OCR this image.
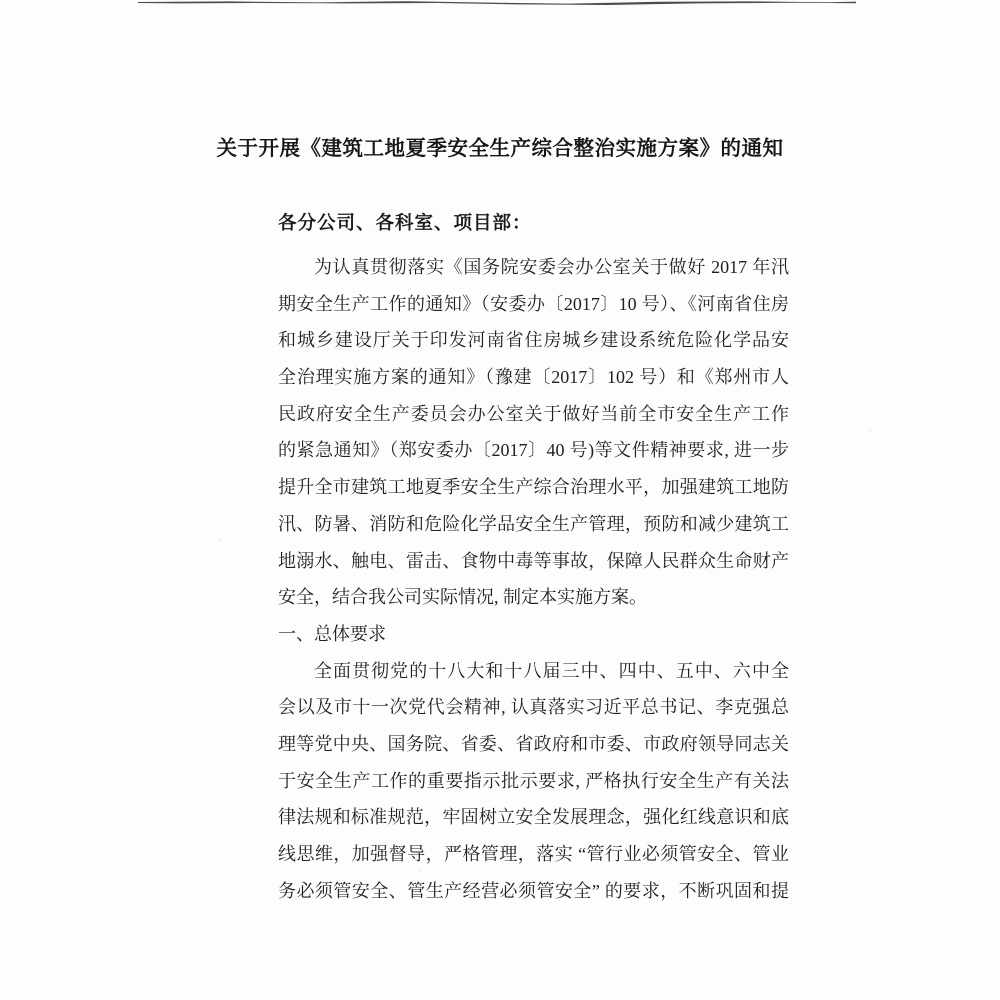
关于开展《建筑工地夏季安全生产综合整治实施方案》的通知
各分公司、各科室、项目部：
为认真贯彻落实《国务院安委会办公室关于做好 2017 年汛
期安全生产工作的通知》（安委办〔2017〕10 号）、《河南省住房
和城乡建设厅关于印发河南省住房城乡建设系统危险化学品安
全治理实施方案的通知》（豫建〔2017〕102 号）和《郑州市人
民政府安全生产委员会办公室关于做好当前全市安全生产工作
的紧急通知》（郑安委办〔2017〕40 号)等文件精神要求, 进一步
提升全市建筑工地夏季安全生产综合治理水平，加强建筑工地防
汛、防暑、消防和危险化学品安全生产管理，预防和减少建筑工
地溺水、触电、雷击、食物中毒等事故，保障人民群众生命财产
安全，结合我公司实际情况, 制定本实施方案。
一、总体要求
全面贯彻党的十八大和十八届三中、四中、五中、六中全
会以及市十一次党代会精神, 认真落实习近平总书记、李克强总
理等党中央、国务院、省委、省政府和市委、市政府领导同志关
于安全生产工作的重要指示批示要求, 严格执行安全生产有关法
律法规和标准规范，牢固树立安全发展理念，强化红线意识和底
线思维，加强督导，严格管理，落实 “管行业必须管安全、管业
务必须管安全、管生产经营必须管安全” 的要求，不断巩固和提
